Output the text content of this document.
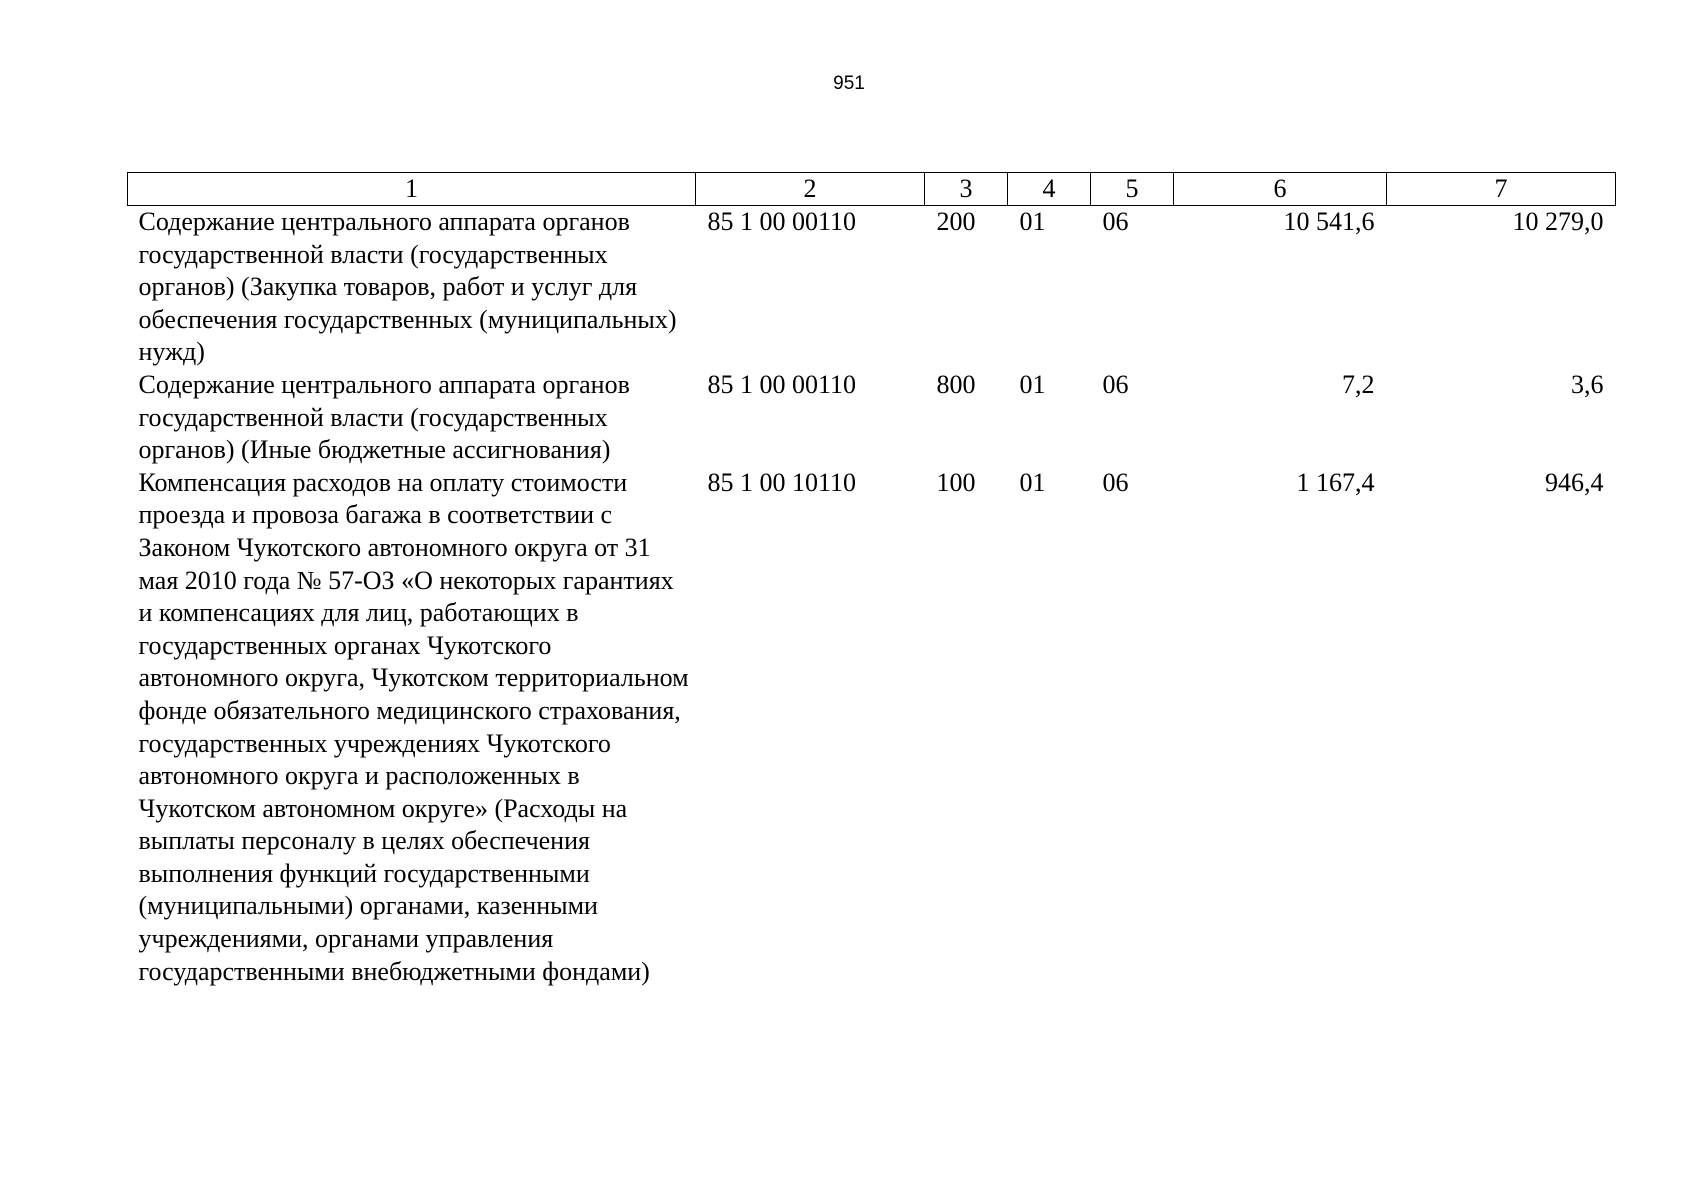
951
1	2	3	4	5	6	7
Содержание центрального аппарата органов государственной власти (государственных органов) (Закупка товаров, работ и услуг для обеспечения государственных (муниципальных) нужд)	85 1 00 00110	200	01	06	10 541,6	10 279,0
Содержание центрального аппарата органов государственной власти (государственных органов) (Иные бюджетные ассигнования)	85 1 00 00110	800	01	06	7,2	3,6
Компенсация расходов на оплату стоимости проезда и провоза багажа в соответствии с Законом Чукотского автономного округа от 31 мая 2010 года № 57-ОЗ «О некоторых гарантиях и компенсациях для лиц, работающих в государственных органах Чукотского автономного округа, Чукотском территориальном фонде обязательного медицинского страхования, государственных учреждениях Чукотского автономного округа и расположенных в Чукотском автономном округе» (Расходы на выплаты персоналу в целях обеспечения выполнения функций государственными (муниципальными) органами, казенными учреждениями, органами управления государственными внебюджетными фондами)	85 1 00 10110	100	01	06	1 167,4	946,4
